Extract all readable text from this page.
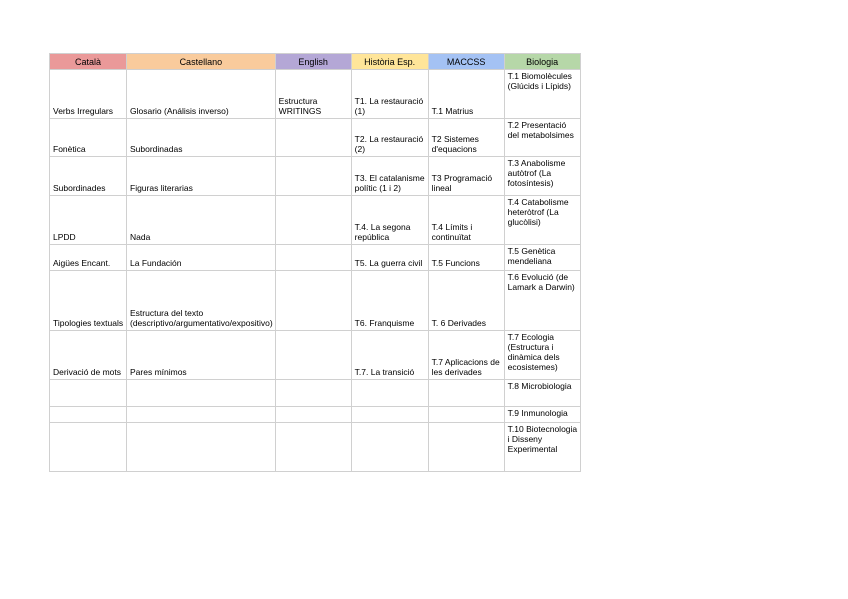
Català	Castellano	English	Història Esp.	MACCSS	Biologia
Verbs Irregulars	Glosario (Análisis inverso)	Estructura WRITINGS	T1. La restauració (1)	T.1 Matrius	T.1 Biomolècules (Glúcids i Lípids)
Fonètica	Subordinadas		T2. La restauració (2)	T2 Sistemes d'equacions	T.2 Presentació del metabolsimes
Subordinades	Figuras literarias		T3. El catalanisme polític (1 i 2)	T3 Programació lineal	T.3 Anabolisme autòtrof (La fotosíntesis)
LPDD	Nada		T.4. La segona república	T.4 Límits i continuïtat	T.4 Catabolisme heteròtrof (La glucòlisi)
Aigües Encant.	La Fundación		T5. La guerra civil	T.5 Funcions	T.5 Genètica mendeliana
Tipologies textuals	Estructura del texto (descriptivo/argumentativo/expositivo)		T6. Franquisme	T. 6 Derivades	T.6 Evolució (de Lamark a Darwin)
Derivació de mots	Pares mínimos		T.7. La transició	T.7 Aplicacions de les derivades	T.7 Ecologia (Estructura i dinàmica dels ecosistemes)
					T.8 Microbiologia
					T.9 Inmunologia
					T.10 Biotecnologia i Disseny Experimental
